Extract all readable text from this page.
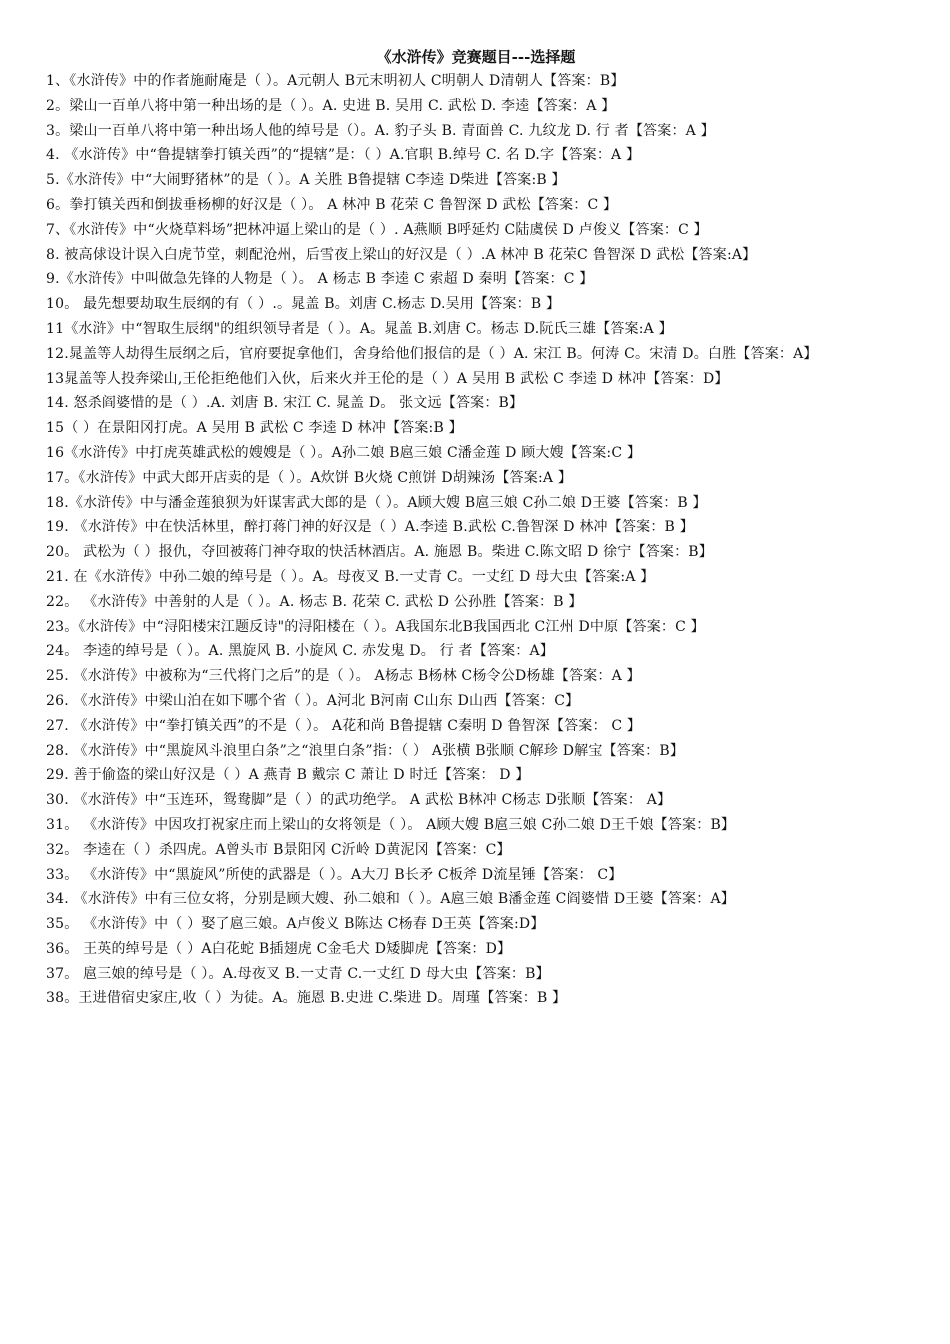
《水浒传》竞赛题目---选择题
1、《水浒传》中的作者施耐庵是（ ）。A元朝人 B元末明初人 C明朝人 D清朝人【答案：B】
2。梁山一百单八将中第一种出场的是（ ）。A. 史进 B. 吴用 C. 武松 D. 李逵【答案：A 】
3。梁山一百单八将中第一种出场人他的绰号是（）。A. 豹子头 B. 青面兽 C. 九纹龙 D. 行 者【答案：A 】
4. 《水浒传》中“鲁提辖拳打镇关西”的“提辖”是：（ ）A.官职 B.绰号 C. 名 D.字【答案：A 】
5.《水浒传》中“大闹野猪林”的是（ ）。A 关胜 B鲁提辖 C李逵 D柴进【答案:B 】
6。拳打镇关西和倒拔垂杨柳的好汉是（ ）。 A 林冲 B 花荣 C 鲁智深 D 武松【答案：C 】
7、《水浒传》中“火烧草料场”把林冲逼上梁山的是（ ）. A燕顺 B呼延灼 C陆虞侯 D 卢俊义【答案：C 】
8. 被高俅设计误入白虎节堂，刺配沧州，后雪夜上梁山的好汉是（ ）.A 林冲 B 花荣C 鲁智深 D 武松【答案:A】
9.《水浒传》中叫做急先锋的人物是（ ）。 A 杨志 B 李逵 C 索超 D 秦明【答案：C 】
10。 最先想要劫取生辰纲的有（ ）.。晁盖 B。刘唐 C.杨志 D.吴用【答案：B 】
11《水浒》中“智取生辰纲"的组织领导者是（ ）。A。晁盖 B.刘唐 C。杨志 D.阮氏三雄【答案:A 】
12.晁盖等人劫得生辰纲之后，官府要捉拿他们，舍身给他们报信的是（ ）A. 宋江 B。何涛 C。宋清 D。白胜【答案：A】
13晁盖等人投奔梁山,王伦拒绝他们入伙，后来火并王伦的是（ ）A 吴用 B 武松 C 李逵 D 林冲【答案：D】
14. 怒杀阎婆惜的是（ ）.A. 刘唐 B. 宋江 C. 晁盖 D。 张文远【答案：B】
15（ ）在景阳冈打虎。A 吴用 B 武松 C 李逵 D 林冲【答案:B 】
16《水浒传》中打虎英雄武松的嫂嫂是（ ）。A孙二娘 B扈三娘 C潘金莲 D 顾大嫂【答案:C 】
17。《水浒传》中武大郎开店卖的是（ ）。A炊饼 B火烧 C煎饼 D胡辣汤【答案:A 】
18.《水浒传》中与潘金莲狼狈为奸谋害武大郎的是（ ）。A顾大嫂 B扈三娘 C孙二娘 D王婆【答案：B 】
19. 《水浒传》中在快活林里，醉打蒋门神的好汉是（ ）A.李逵 B.武松 C.鲁智深 D 林冲【答案：B 】
20。 武松为（ ）报仇，夺回被蒋门神夺取的快活林酒店。A. 施恩 B。柴进 C.陈文昭 D 徐宁【答案：B】
21. 在《水浒传》中孙二娘的绰号是（ ）。A。母夜叉 B.一丈青 C。一丈红 D 母大虫【答案:A 】
22。 《水浒传》中善射的人是（ ）。A. 杨志 B. 花荣 C. 武松 D 公孙胜【答案：B 】
23。《水浒传》中“浔阳楼宋江题反诗"的浔阳楼在（ ）。A我国东北B我国西北 C江州 D中原【答案：C 】
24。 李逵的绰号是（ ）。A. 黑旋风 B. 小旋风 C. 赤发鬼 D。 行 者【答案：A】
25. 《水浒传》中被称为“三代将门之后”的是（ ）。 A杨志 B杨林 C杨令公D杨雄【答案：A 】
26. 《水浒传》中梁山泊在如下哪个省（ ）。A河北 B河南 C山东 D山西【答案：C】
27. 《水浒传》中“拳打镇关西”的不是（ ）。 A花和尚 B鲁提辖 C秦明 D 鲁智深【答案： C 】
28. 《水浒传》中“黑旋风斗浪里白条”之“浪里白条”指：（ ） A张横 B张顺 C解珍 D解宝【答案：B】
29. 善于偷盗的梁山好汉是（ ）A 燕青 B 戴宗 C 萧让 D 时迁【答案： D 】
30. 《水浒传》中“玉连环，鸳鸯脚”是（ ）的武功绝学。 A 武松 B林冲 C杨志 D张顺【答案： A】
31。 《水浒传》中因攻打祝家庄而上梁山的女将领是（ ）。 A顾大嫂 B扈三娘 C孙二娘 D王千娘【答案：B】
32。 李逵在（ ）杀四虎。A曾头市 B景阳冈 C沂岭 D黄泥冈【答案：C】
33。 《水浒传》中“黑旋风”所使的武器是（ ）。A大刀 B长矛 C板斧 D流星锤【答案： C】
34. 《水浒传》中有三位女将，分别是顾大嫂、孙二娘和（ ）。A扈三娘 B潘金莲 C阎婆惜 D王婆【答案：A】
35。 《水浒传》中（ ）娶了扈三娘。A卢俊义 B陈达 C杨春 D王英【答案:D】
36。 王英的绰号是（ ）A白花蛇 B插翅虎 C金毛犬 D矮脚虎【答案：D】
37。 扈三娘的绰号是（ ）。A.母夜叉 B.一丈青 C.一丈红 D 母大虫【答案：B】
38。王进借宿史家庄,收（ ）为徒。A。施恩 B.史进 C.柴进 D。周瑾【答案：B 】
